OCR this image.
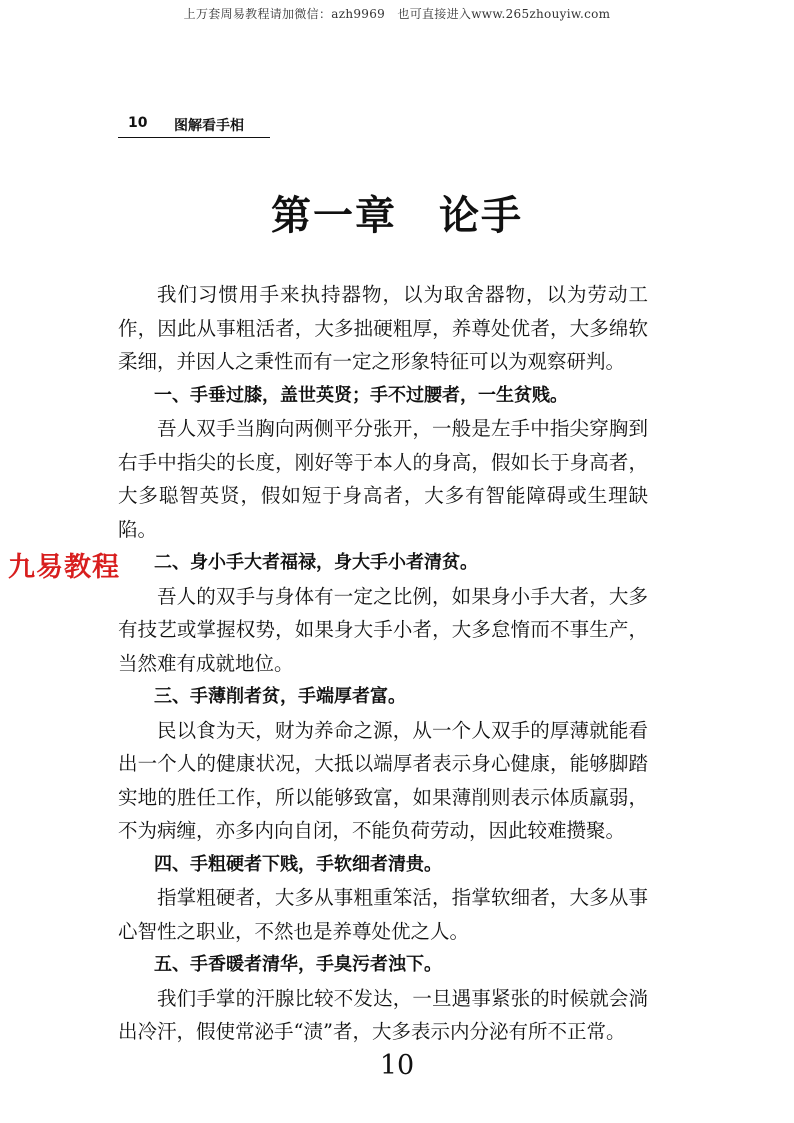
上万套周易教程请加微信：azh9969　也可直接进入www.265zhouyiw.com
10 图解看手相
第一章　论手

我们习惯用手来执持器物，以为取舍器物，以为劳动工作，因此从事粗活者，大多拙硬粗厚，养尊处优者，大多绵软柔细，并因人之秉性而有一定之形象特征可以为观察研判。

一、手垂过膝，盖世英贤；手不过腰者，一生贫贱。

吾人双手当胸向两侧平分张开，一般是左手中指尖穿胸到右手中指尖的长度，刚好等于本人的身高，假如长于身高者，大多聪智英贤，假如短于身高者，大多有智能障碍或生理缺陷。

二、身小手大者福禄，身大手小者清贫。

吾人的双手与身体有一定之比例，如果身小手大者，大多有技艺或掌握权势，如果身大手小者，大多怠惰而不事生产，当然难有成就地位。

三、手薄削者贫，手端厚者富。

民以食为天，财为养命之源，从一个人双手的厚薄就能看出一个人的健康状况，大抵以端厚者表示身心健康，能够脚踏实地的胜任工作，所以能够致富，如果薄削则表示体质羸弱，不为病缠，亦多内向自闭，不能负荷劳动，因此较难攒聚。

四、手粗硬者下贱，手软细者清贵。

指掌粗硬者，大多从事粗重笨活，指掌软细者，大多从事心智性之职业，不然也是养尊处优之人。

五、手香暖者清华，手臭污者浊下。

我们手掌的汗腺比较不发达，一旦遇事紧张的时候就会淌出冷汗，假使常泌手“渍”者，大多表示内分泌有所不正常。

九易教程
10
